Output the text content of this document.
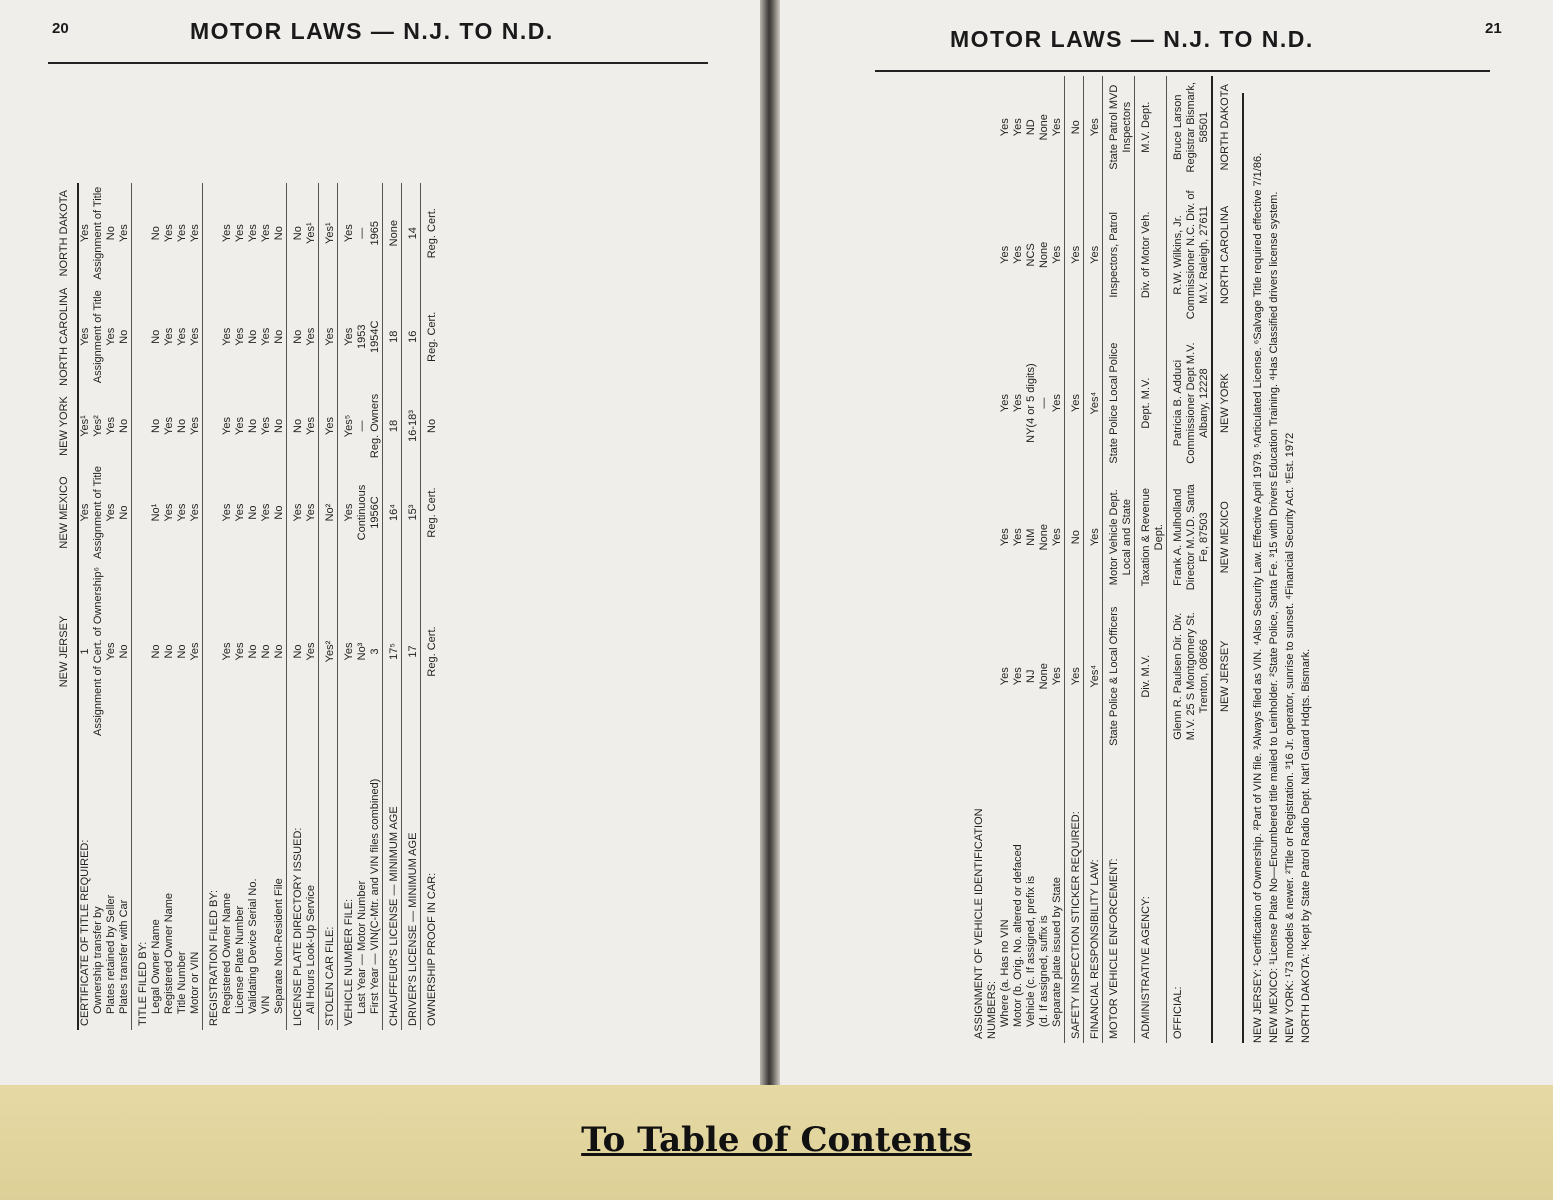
20	MOTOR LAWS — N.J. TO N.D.
	NEW JERSEY	NEW MEXICO	NEW YORK	NORTH CAROLINA	NORTH DAKOTA
CERTIFICATE OF TITLE REQUIRED:	1	Yes	Yes¹	Yes	Yes
Ownership transfer by	Assignment of Cert. of Ownership⁶	Assignment of Title	Yes²	Assignment of Title	Assignment of Title
Plates retained by Seller	Yes	Yes	Yes	Yes	No
Plates transfer with Car	No	No	No	No	Yes
TITLE FILED BY:					
Legal Owner Name	No	No¹	No	No	No
Registered Owner Name	No	Yes	Yes	Yes	Yes
Title Number	No	Yes	No	Yes	Yes
Motor or VIN	Yes	Yes	Yes	Yes	Yes
REGISTRATION FILED BY:					
Registered Owner Name	Yes	Yes	Yes	Yes	Yes
License Plate Number	Yes	Yes	Yes	Yes	Yes
Validating Device Serial No.	No	No	No	No	Yes
VIN	No	Yes	Yes	Yes	Yes
Separate Non-Resident File	No	No	No	No	No
LICENSE PLATE DIRECTORY ISSUED:	No	Yes	No	No	No
All Hours Look-Up Service	Yes	Yes	Yes	Yes	Yes¹
STOLEN CAR FILE:	Yes²	No²	Yes	Yes	Yes¹
VEHICLE NUMBER FILE:	Yes	Yes	Yes⁵	Yes	Yes
Last Year — Motor Number	No³	Continuous	—	1953	—
First Year — VIN(C-Mtr. and VIN files combined)	3	1956C	Reg. Owners	1954C	1965
CHAUFFEUR'S LICENSE — MINIMUM AGE	17⁵	16⁴	18	18	None
DRIVER'S LICENSE — MINIMUM AGE	17	15³	16-18³	16	14
OWNERSHIP PROOF IN CAR:	Reg. Cert.	Reg. Cert.	No	Reg. Cert.	Reg. Cert.
21
MOTOR LAWS — N.J. TO N.D.
ASSIGNMENT OF VEHICLE IDENTIFICATION NUMBERS:					
Where (a. Has no VIN	Yes	Yes	Yes	Yes	Yes
Motor (b. Orig. No. altered or defaced	Yes	Yes	Yes	Yes	Yes
Vehicle (c. If assigned, prefix is	NJ	NM	NY(4 or 5 digits)	NCS	ND
(d. If assigned, suffix is	None	None	—	None	None
Separate plate issued by State	Yes	Yes	Yes	Yes	Yes
SAFETY INSPECTION STICKER REQUIRED:	Yes	No	Yes	Yes	No
FINANCIAL RESPONSIBILITY LAW:	Yes⁴	Yes	Yes⁴	Yes	Yes
MOTOR VEHICLE ENFORCEMENT:	State Police & Local Officers	Motor Vehicle Dept. Local and State	State Police Local Police	Inspectors, Patrol	State Patrol MVD Inspectors
ADMINISTRATIVE AGENCY:	Div. M.V.	Taxation & Revenue Dept.	Dept. M.V.	Div. of Motor Veh.	M.V. Dept.
OFFICIAL:	Glenn R. Paulsen Dir. Div. M.V. 25 S Montgomery St. Trenton, 08666	Frank A. Mulholland Director M.V.D. Santa Fe, 87503	Patricia B. Adduci Commissioner Dept M.V. Albany, 12228	R.W. Wilkins, Jr. Commissioner N.C. Div. of M.V. Raleigh, 27611	Bruce Larson Registrar Bismark, 58501
	NEW JERSEY	NEW MEXICO	NEW YORK	NORTH CAROLINA	NORTH DAKOTA
NEW JERSEY: ¹Certification of Ownership. ²Part of VIN file. ³Always filed as VIN. ⁴Also Security Law. Effective April 1979. ⁵Articulated License. ⁶Salvage Title required effective 7/1/86. NEW MEXICO: ¹License Plate No—Encumbered title mailed to Leinholder. ²State Police, Santa Fe. ³15 with Drivers Education Training. ⁴Has Classified drivers license system. NEW YORK: ¹73 models & newer. ²Title or Registration. ³16 Jr. operator, sunrise to sunset. ⁴Financial Security Act. ⁵Est. 1972 NORTH DAKOTA: ¹Kept by State Patrol Radio Dept. Nat'l Guard Hdqts. Bismark.
To Table of Contents
